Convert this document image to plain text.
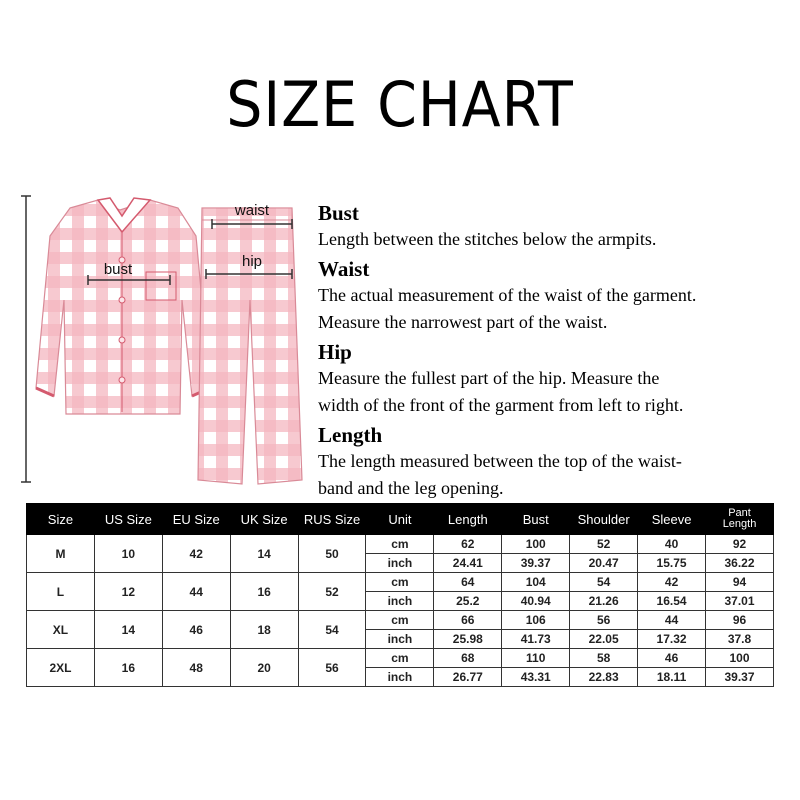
SIZE CHART
bust
waist
hip
Bust

Length between the stitches below the armpits.

Waist

The actual measurement of the waist of the garment.
Measure the narrowest part of the waist.

Hip

Measure the fullest part of the hip. Measure the
width of the front of the garment from left to right.

Length

The length measured between the top of the waist-
band and the leg opening.

Size	US Size	EU Size	UK Size	RUS Size	Unit	Length	Bust	Shoulder	Sleeve	Pant
Length
M	10	42	14	50	cm	62	100	52	40	92
					inch	24.41	39.37	20.47	15.75	36.22
L	12	44	16	52	cm	64	104	54	42	94
					inch	25.2	40.94	21.26	16.54	37.01
XL	14	46	18	54	cm	66	106	56	44	96
					inch	25.98	41.73	22.05	17.32	37.8
2XL	16	48	20	56	cm	68	110	58	46	100
					inch	26.77	43.31	22.83	18.11	39.37
